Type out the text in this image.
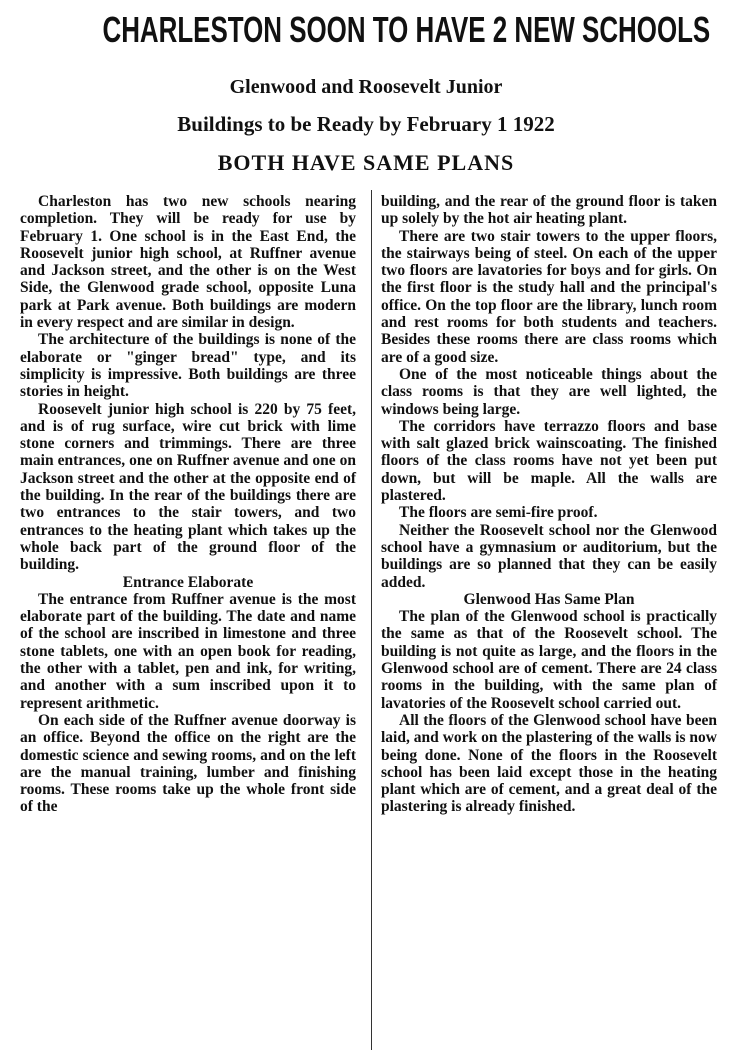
CHARLESTON SOON TO HAVE 2 NEW SCHOOLS
Glenwood and Roosevelt Junior
Buildings to be Ready by February 1 1922
BOTH HAVE SAME PLANS

Charleston has two new schools nearing completion. They will be ready for use by February 1. One school is in the East End, the Roosevelt junior high school, at Ruffner avenue and Jackson street, and the other is on the West Side, the Glenwood grade school, opposite Luna park at Park avenue. Both buildings are modern in every respect and are similar in design.

The architecture of the buildings is none of the elaborate or "ginger bread" type, and its simplicity is impressive. Both buildings are three stories in height.

Roosevelt junior high school is 220 by 75 feet, and is of rug surface, wire cut brick with lime stone corners and trimmings. There are three main entrances, one on Ruffner avenue and one on Jackson street and the other at the opposite end of the building. In the rear of the buildings there are two entrances to the stair towers, and two entrances to the heating plant which takes up the whole back part of the ground floor of the building.

Entrance Elaborate

The entrance from Ruffner avenue is the most elaborate part of the building. The date and name of the school are inscribed in limestone and three stone tablets, one with an open book for reading, the other with a tablet, pen and ink, for writing, and another with a sum inscribed upon it to represent arithmetic.

On each side of the Ruffner avenue doorway is an office. Beyond the office on the right are the domestic science and sewing rooms, and on the left are the manual training, lumber and finishing rooms. These rooms take up the whole front side of the

building, and the rear of the ground floor is taken up solely by the hot air heating plant.

There are two stair towers to the upper floors, the stairways being of steel. On each of the upper two floors are lavatories for boys and for girls. On the first floor is the study hall and the principal's office. On the top floor are the library, lunch room and rest rooms for both students and teachers. Besides these rooms there are class rooms which are of a good size.

One of the most noticeable things about the class rooms is that they are well lighted, the windows being large.

The corridors have terrazzo floors and base with salt glazed brick wainscoating. The finished floors of the class rooms have not yet been put down, but will be maple. All the walls are plastered.

The floors are semi-fire proof.

Neither the Roosevelt school nor the Glenwood school have a gymnasium or auditorium, but the buildings are so planned that they can be easily added.

Glenwood Has Same Plan

The plan of the Glenwood school is practically the same as that of the Roosevelt school. The building is not quite as large, and the floors in the Glenwood school are of cement. There are 24 class rooms in the building, with the same plan of lavatories of the Roosevelt school carried out.

All the floors of the Glenwood school have been laid, and work on the plastering of the walls is now being done. None of the floors in the Roosevelt school has been laid except those in the heating plant which are of cement, and a great deal of the plastering is already finished.
